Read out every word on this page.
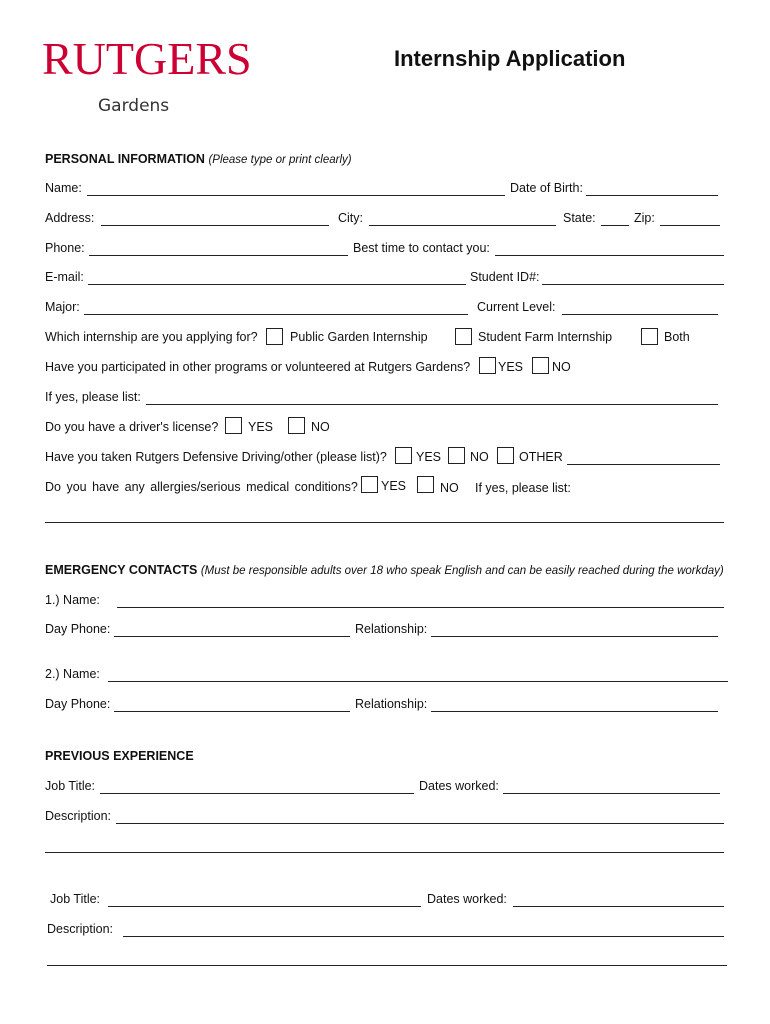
RUTGERS
Gardens
Internship Application
PERSONAL INFORMATION (Please type or print clearly)
Name:	Date of Birth:
Address:	City:	State:	Zip:
Phone:	Best time to contact you:
E-mail:	Student ID#:
Major:	Current Level:
Which internship are you applying for?	Public Garden Internship	Student Farm Internship	Both
Have you participated in other programs or volunteered at Rutgers Gardens? YES NO
If yes, please list:
Do you have a driver's license? YES	NO
Have you taken Rutgers Defensive Driving/other (please list)? YES NO OTHER
Do you have any allergies/serious medical conditions? YES	NO If yes, please list:
EMERGENCY CONTACTS (Must be responsible adults over 18 who speak English and can be easily reached during the workday)
1.) Name:
Day Phone:	Relationship:
2.) Name:
Day Phone:	Relationship:
PREVIOUS EXPERIENCE
Job Title:	Dates worked:
Description:
Job Title:	Dates worked:
Description:
